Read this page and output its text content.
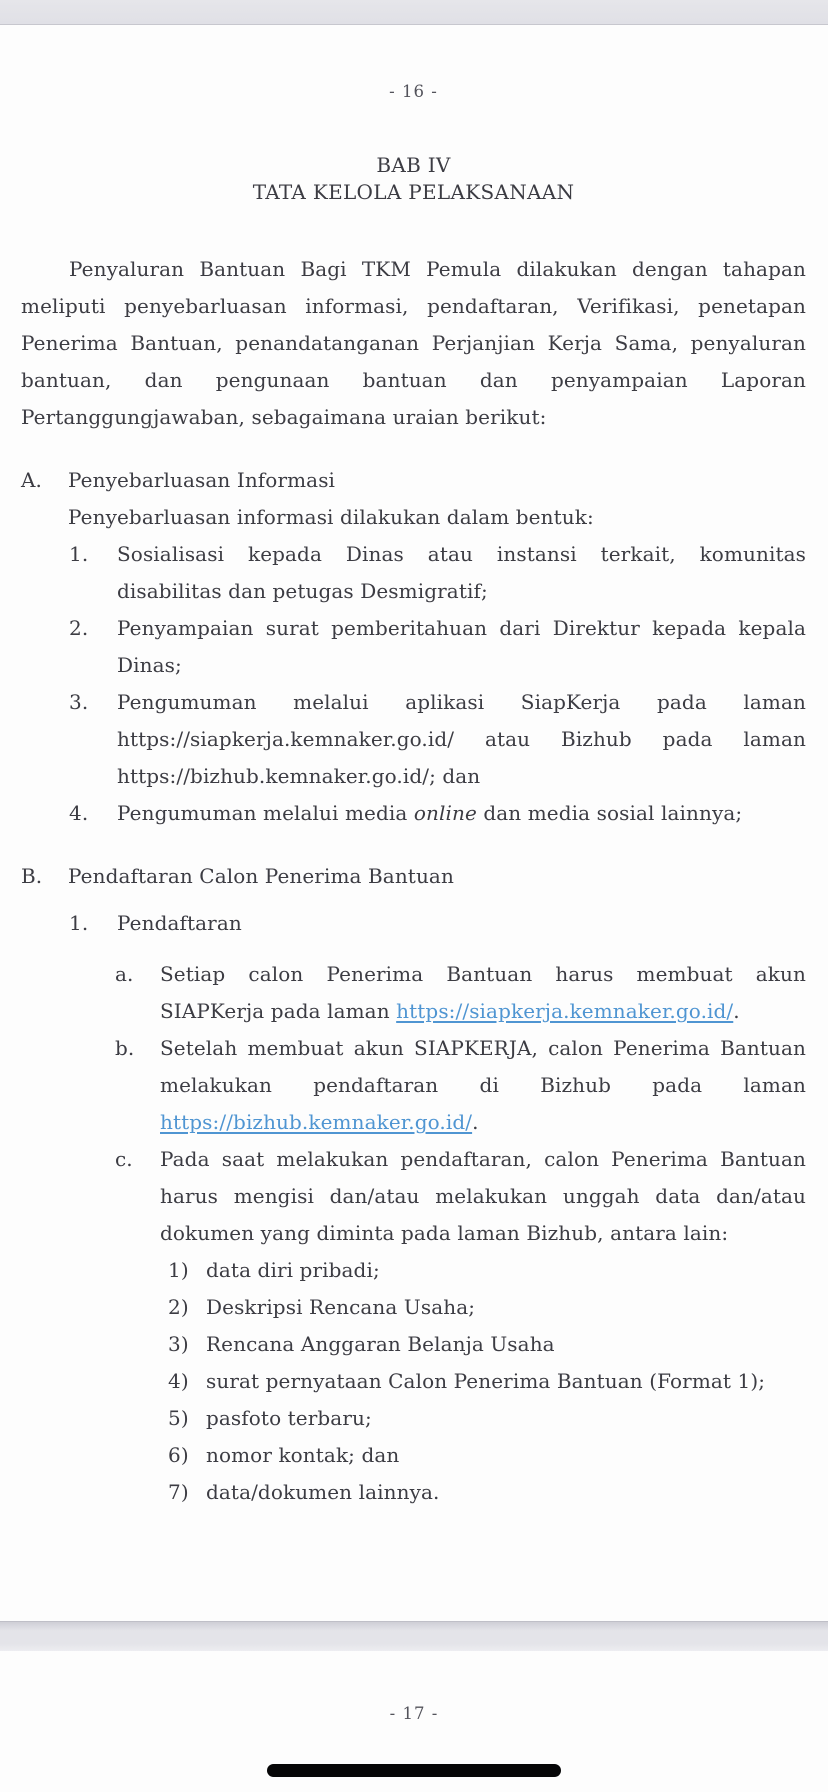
- 16 -
BAB IV
TATA KELOLA PELAKSANAAN

Penyaluran Bantuan Bagi TKM Pemula dilakukan dengan tahapan meliputi penyebarluasan informasi, pendaftaran, Verifikasi, penetapan Penerima Bantuan, penandatanganan Perjanjian Kerja Sama, penyaluran bantuan, dan pengunaan bantuan dan penyampaian Laporan Pertanggungjawaban, sebagaimana uraian berikut:

A.	Penyebarluasan Informasi
Penyebarluasan informasi dilakukan dalam bentuk:
1.	Sosialisasi kepada Dinas atau instansi terkait, komunitas disabilitas dan petugas Desmigratif;
2.	Penyampaian surat pemberitahuan dari Direktur kepada kepala Dinas;
3.	Pengumuman melalui aplikasi SiapKerja pada laman https://siapkerja.kemnaker.go.id/ atau Bizhub pada laman https://bizhub.kemnaker.go.id/; dan
4.	Pengumuman melalui media online dan media sosial lainnya;
B.	Pendaftaran Calon Penerima Bantuan
1.	Pendaftaran
a.	Setiap calon Penerima Bantuan harus membuat akun SIAPKerja pada laman https://siapkerja.kemnaker.go.id/.
b.	Setelah membuat akun SIAPKERJA, calon Penerima Bantuan melakukan pendaftaran di Bizhub pada laman https://bizhub.kemnaker.go.id/.
c.	Pada saat melakukan pendaftaran, calon Penerima Bantuan harus mengisi dan/atau melakukan unggah data dan/atau dokumen yang diminta pada laman Bizhub, antara lain:
1) data diri pribadi;
2) Deskripsi Rencana Usaha;
3) Rencana Anggaran Belanja Usaha
4) surat pernyataan Calon Penerima Bantuan (Format 1);
5) pasfoto terbaru;
6) nomor kontak; dan
7) data/dokumen lainnya.
- 17 -
